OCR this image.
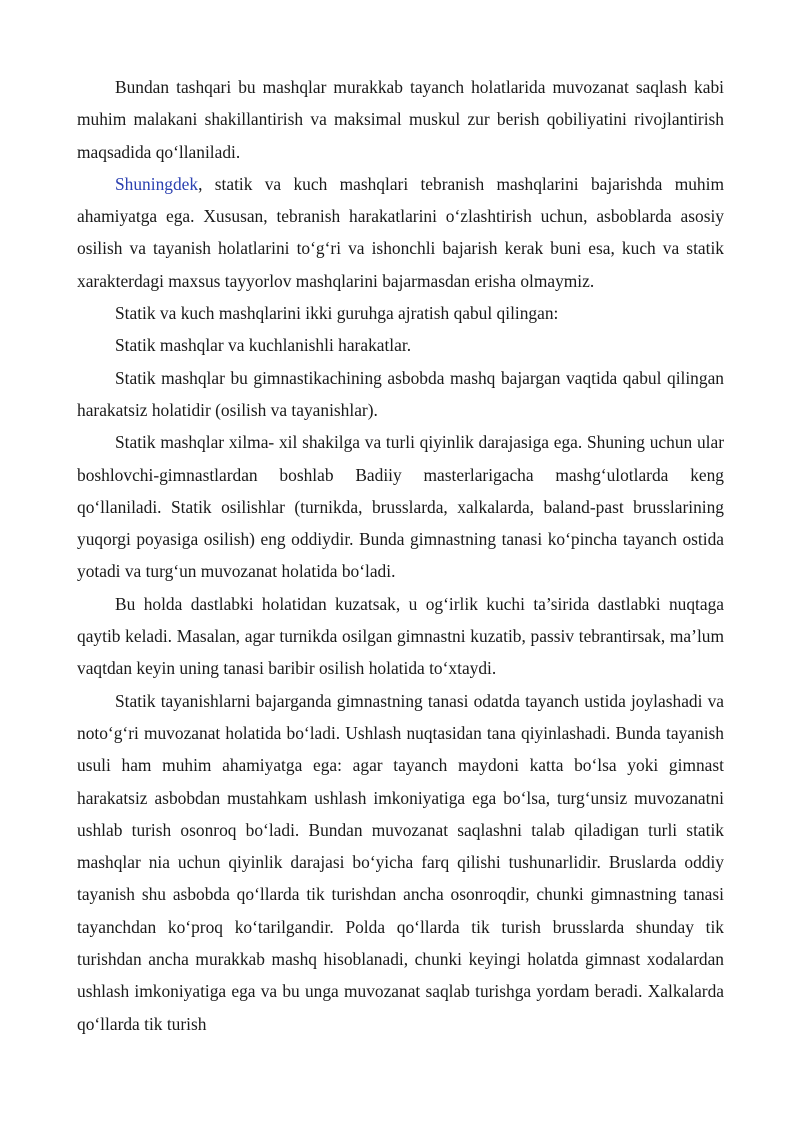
Bundan tashqari bu mashqlar murakkab tayanch holatlarida muvozanat saqlash kabi muhim malakani shakillantirish va maksimal muskul zur berish qobiliyatini rivojlantirish maqsadida qo‘llaniladi.

Shuningdek, statik va kuch mashqlari tebranish mashqlarini bajarishda muhim ahamiyatga ega. Xususan, tebranish harakatlarini o‘zlashtirish uchun, asboblarda asosiy osilish va tayanish holatlarini to‘g‘ri va ishonchli bajarish kerak buni esa, kuch va statik xarakterdagi maxsus tayyorlov mashqlarini bajarmasdan erisha olmaymiz.

Statik va kuch mashqlarini ikki guruhga ajratish qabul qilingan:

Statik mashqlar va kuchlanishli harakatlar.

Statik mashqlar bu gimnastikachining asbobda mashq bajargan vaqtida qabul qilingan harakatsiz holatidir (osilish va tayanishlar).

Statik mashqlar xilma- xil shakilga va turli qiyinlik darajasiga ega. Shuning uchun ular boshlovchi-gimnastlardan boshlab Badiiy masterlarigacha mashg‘ulotlarda keng qo‘llaniladi. Statik osilishlar (turnikda, brusslarda, xalkalarda, baland-past brusslarining yuqorgi poyasiga osilish) eng oddiydir. Bunda gimnastning tanasi ko‘pincha tayanch ostida yotadi va turg‘un muvozanat holatida bo‘ladi.

Bu holda dastlabki holatidan kuzatsak, u og‘irlik kuchi ta’sirida dastlabki nuqtaga qaytib keladi. Masalan, agar turnikda osilgan gimnastni kuzatib, passiv tebrantirsak, ma’lum vaqtdan keyin uning tanasi baribir osilish holatida to‘xtaydi.

Statik tayanishlarni bajarganda gimnastning tanasi odatda tayanch ustida joylashadi va noto‘g‘ri muvozanat holatida bo‘ladi. Ushlash nuqtasidan tana qiyinlashadi. Bunda tayanish usuli ham muhim ahamiyatga ega: agar tayanch maydoni katta bo‘lsa yoki gimnast harakatsiz asbobdan mustahkam ushlash imkoniyatiga ega bo‘lsa, turg‘unsiz muvozanatni ushlab turish osonroq bo‘ladi. Bundan muvozanat saqlashni talab qiladigan turli statik mashqlar nia uchun qiyinlik darajasi bo‘yicha farq qilishi tushunarlidir. Bruslarda oddiy tayanish shu asbobda qo‘llarda tik turishdan ancha osonroqdir, chunki gimnastning tanasi tayanchdan ko‘proq ko‘tarilgandir. Polda qo‘llarda tik turish brusslarda shunday tik turishdan ancha murakkab mashq hisoblanadi, chunki keyingi holatda gimnast xodalardan ushlash imkoniyatiga ega va bu unga muvozanat saqlab turishga yordam beradi. Xalkalarda qo‘llarda tik turish
